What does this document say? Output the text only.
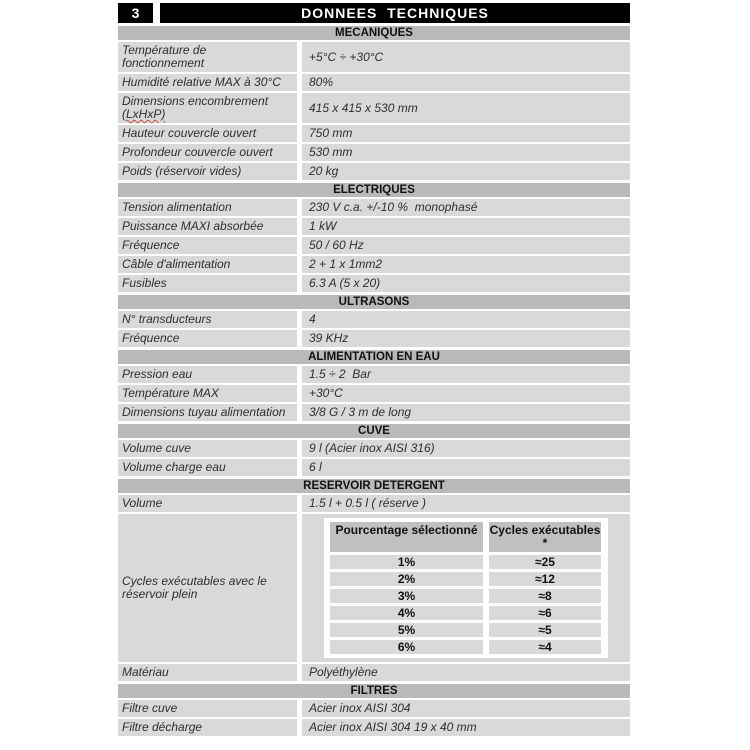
3	DONNEES  TECHNIQUES
MECANIQUES
Température de
fonctionnement	+5°C ÷ +30°C
Humidité relative MAX à 30°C	80%
Dimensions encombrement
(LxHxP)	415 x 415 x 530 mm
Hauteur couvercle ouvert	750 mm
Profondeur couvercle ouvert	530 mm
Poids (réservoir vides)	20 kg
ELECTRIQUES
Tension alimentation	230 V c.a. +/-10 %  monophasé
Puissance MAXI absorbée	1 kW
Fréquence	50 / 60 Hz
Câble d'alimentation	2 + 1 x 1mm2
Fusibles	6.3 A (5 x 20)
ULTRASONS
N° transducteurs	4
Fréquence	39 KHz
ALIMENTATION EN EAU
Pression eau	1.5 ÷ 2  Bar
Température MAX	+30°C
Dimensions tuyau alimentation	3/8 G / 3 m de long
CUVE
Volume cuve	9 l (Acier inox AISI 316)
Volume charge eau	6 l
RESERVOIR DETERGENT
Volume	1.5 l + 0.5 l ( réserve )
Cycles exécutables avec le réservoir plein
Pourcentage sélectionné	Cycles exécutables *
1%	≈25
2%	≈12
3%	≈8
4%	≈6
5%	≈5
6%	≈4
Matériau	Polyéthylène
FILTRES
Filtre cuve	Acier inox AISI 304
Filtre décharge	Acier inox AISI 304 19 x 40 mm
